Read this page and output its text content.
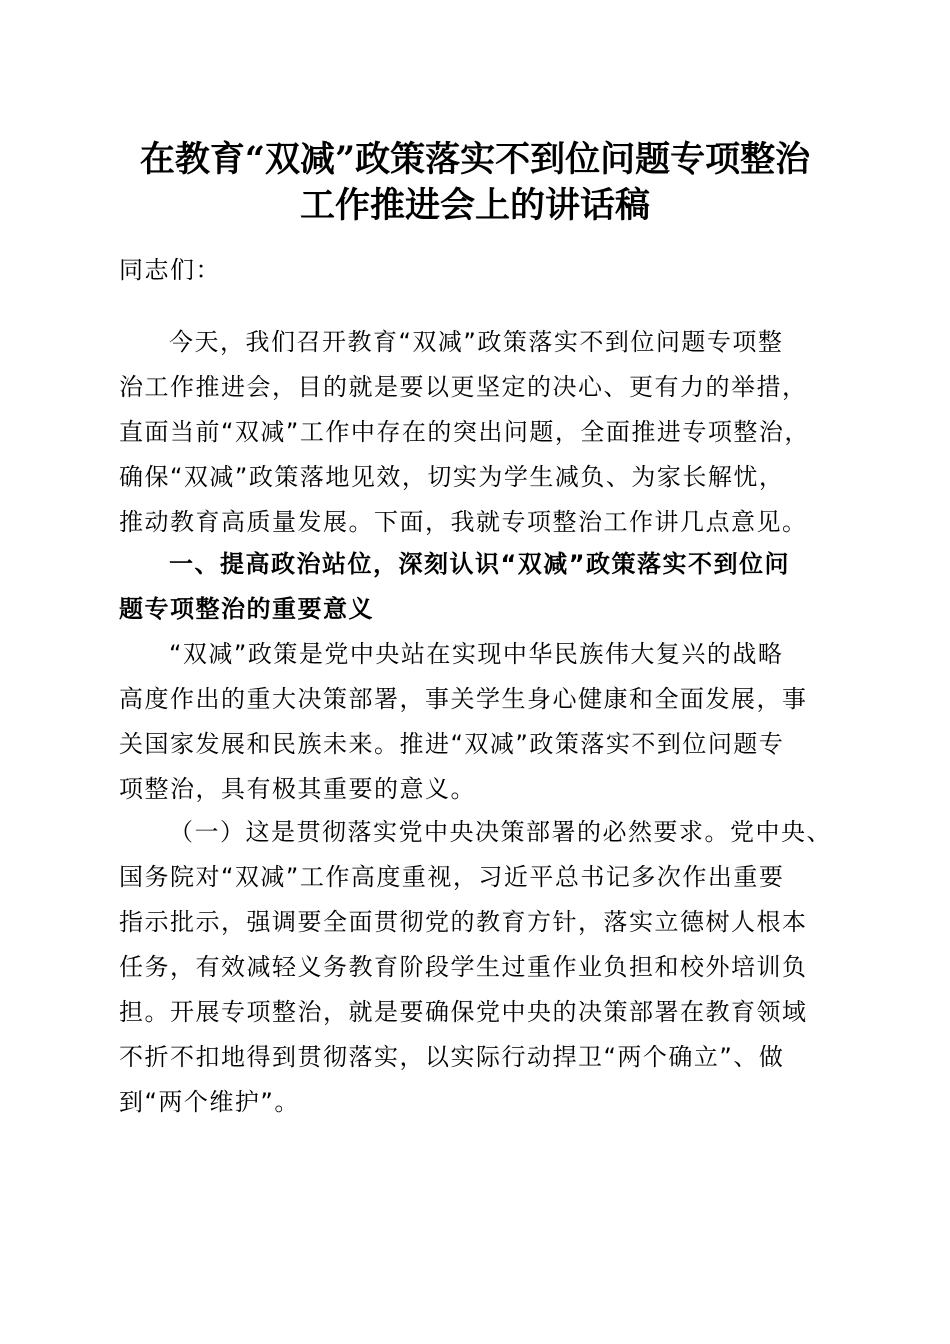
在教育“双减”政策落实不到位问题专项整治
工作推进会上的讲话稿
同志们：
今天，我们召开教育“双减”政策落实不到位问题专项整
治工作推进会，目的就是要以更坚定的决心、更有力的举措，
直面当前“双减”工作中存在的突出问题，全面推进专项整治，
确保“双减”政策落地见效，切实为学生减负、为家长解忧，
推动教育高质量发展。下面，我就专项整治工作讲几点意见。
一、提高政治站位，深刻认识“双减”政策落实不到位问
题专项整治的重要意义
“双减”政策是党中央站在实现中华民族伟大复兴的战略
高度作出的重大决策部署，事关学生身心健康和全面发展，事
关国家发展和民族未来。推进“双减”政策落实不到位问题专
项整治，具有极其重要的意义。
（一）这是贯彻落实党中央决策部署的必然要求。党中央、
国务院对“双减”工作高度重视，习近平总书记多次作出重要
指示批示，强调要全面贯彻党的教育方针，落实立德树人根本
任务，有效减轻义务教育阶段学生过重作业负担和校外培训负
担。开展专项整治，就是要确保党中央的决策部署在教育领域
不折不扣地得到贯彻落实，以实际行动捍卫“两个确立”、做
到“两个维护”。
